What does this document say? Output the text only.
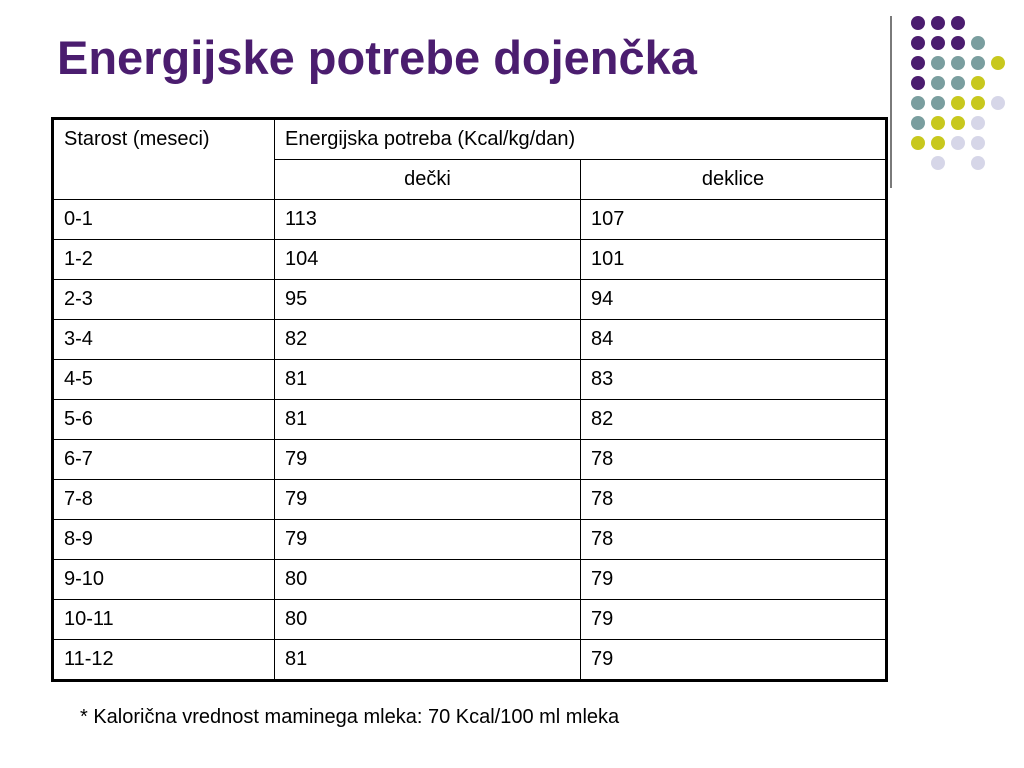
Energijske potrebe dojenčka
Starost (meseci)	Energijska potreba (Kcal/kg/dan)	
	dečki	deklice
0-1	113	107
1-2	104	101
2-3	95	94
3-4	82	84
4-5	81	83
5-6	81	82
6-7	79	78
7-8	79	78
8-9	79	78
9-10	80	79
10-11	80	79
11-12	81	79
* Kalorična vrednost maminega mleka: 70 Kcal/100 ml mleka
